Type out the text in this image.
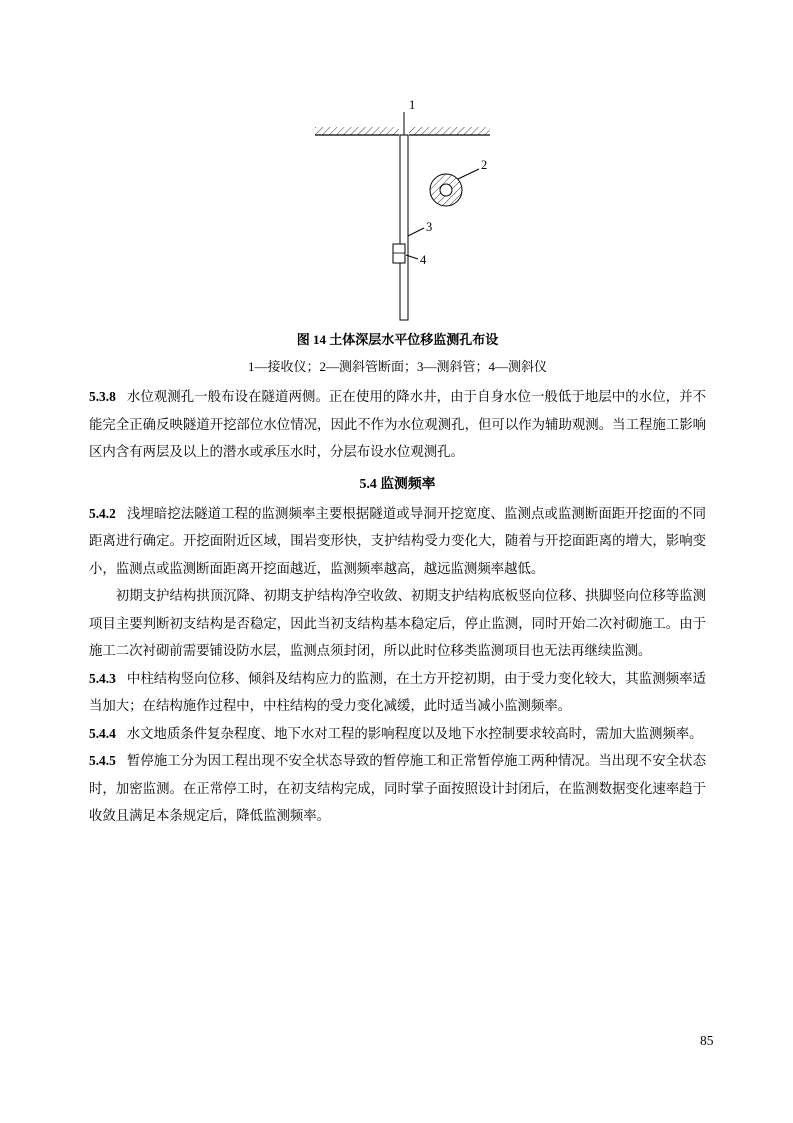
1
2
3
4

图 14 土体深层水平位移监测孔布设

1—接收仪；2—测斜管断面；3—测斜管；4—测斜仪

5.3.8 水位观测孔一般布设在隧道两侧。正在使用的降水井，由于自身水位一般低于地层中的水位，并不能完全正确反映隧道开挖部位水位情况，因此不作为水位观测孔，但可以作为辅助观测。当工程施工影响区内含有两层及以上的潜水或承压水时，分层布设水位观测孔。

5.4 监测频率

5.4.2 浅埋暗挖法隧道工程的监测频率主要根据隧道或导洞开挖宽度、监测点或监测断面距开挖面的不同距离进行确定。开挖面附近区域，围岩变形快，支护结构受力变化大，随着与开挖面距离的增大，影响变小，监测点或监测断面距离开挖面越近，监测频率越高，越远监测频率越低。

初期支护结构拱顶沉降、初期支护结构净空收敛、初期支护结构底板竖向位移、拱脚竖向位移等监测项目主要判断初支结构是否稳定，因此当初支结构基本稳定后，停止监测，同时开始二次衬砌施工。由于施工二次衬砌前需要铺设防水层，监测点须封闭，所以此时位移类监测项目也无法再继续监测。

5.4.3 中柱结构竖向位移、倾斜及结构应力的监测，在土方开挖初期，由于受力变化较大，其监测频率适当加大；在结构施作过程中，中柱结构的受力变化减缓，此时适当减小监测频率。

5.4.4 水文地质条件复杂程度、地下水对工程的影响程度以及地下水控制要求较高时，需加大监测频率。

5.4.5 暂停施工分为因工程出现不安全状态导致的暂停施工和正常暂停施工两种情况。当出现不安全状态时，加密监测。在正常停工时，在初支结构完成，同时掌子面按照设计封闭后，在监测数据变化速率趋于收敛且满足本条规定后，降低监测频率。

85
